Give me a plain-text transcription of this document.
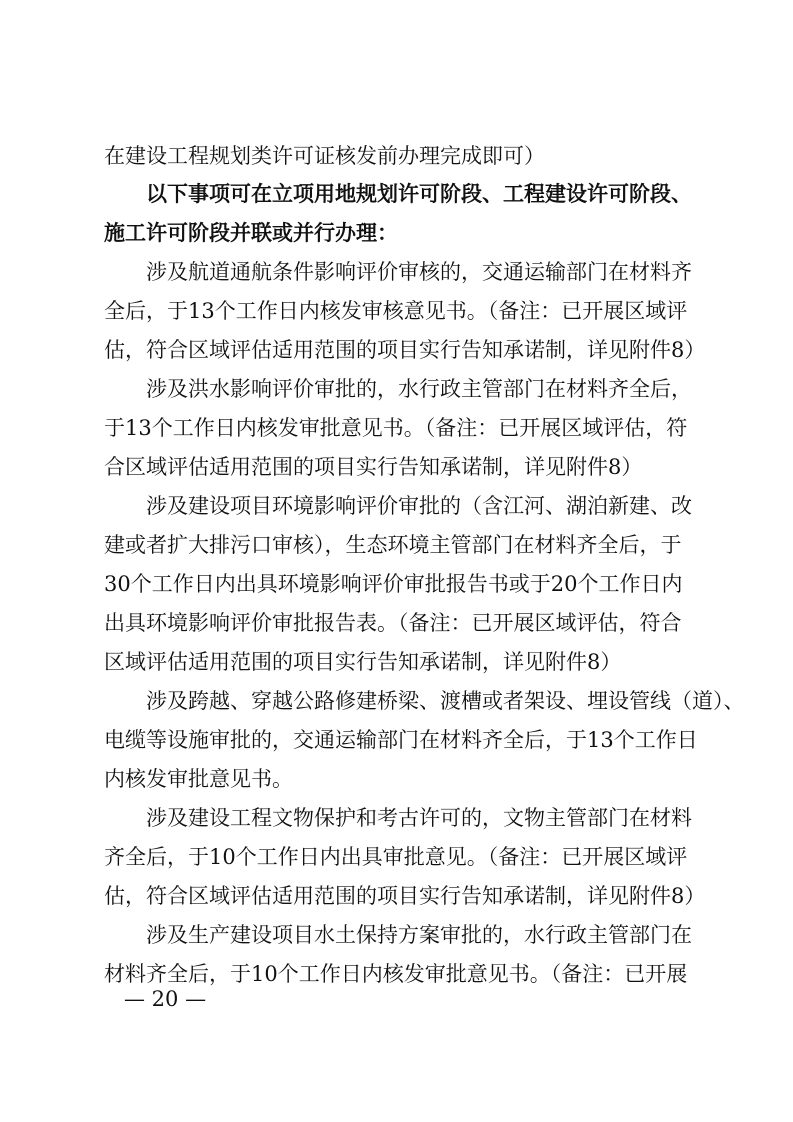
在建设工程规划类许可证核发前办理完成即可）
以下事项可在立项用地规划许可阶段、工程建设许可阶段、
施工许可阶段并联或并行办理：
涉及航道通航条件影响评价审核的，交通运输部门在材料齐
全后，于13个工作日内核发审核意见书。（备注：已开展区域评
估，符合区域评估适用范围的项目实行告知承诺制，详见附件8）
涉及洪水影响评价审批的，水行政主管部门在材料齐全后，
于13个工作日内核发审批意见书。（备注：已开展区域评估，符
合区域评估适用范围的项目实行告知承诺制，详见附件8）
涉及建设项目环境影响评价审批的（含江河、湖泊新建、改
建或者扩大排污口审核），生态环境主管部门在材料齐全后，于
30个工作日内出具环境影响评价审批报告书或于20个工作日内
出具环境影响评价审批报告表。（备注：已开展区域评估，符合
区域评估适用范围的项目实行告知承诺制，详见附件8）
涉及跨越、穿越公路修建桥梁、渡槽或者架设、埋设管线（道）、
电缆等设施审批的，交通运输部门在材料齐全后，于13个工作日
内核发审批意见书。
涉及建设工程文物保护和考古许可的，文物主管部门在材料
齐全后，于10个工作日内出具审批意见。（备注：已开展区域评
估，符合区域评估适用范围的项目实行告知承诺制，详见附件8）
涉及生产建设项目水土保持方案审批的，水行政主管部门在
材料齐全后，于10个工作日内核发审批意见书。（备注：已开展
— 20 —
